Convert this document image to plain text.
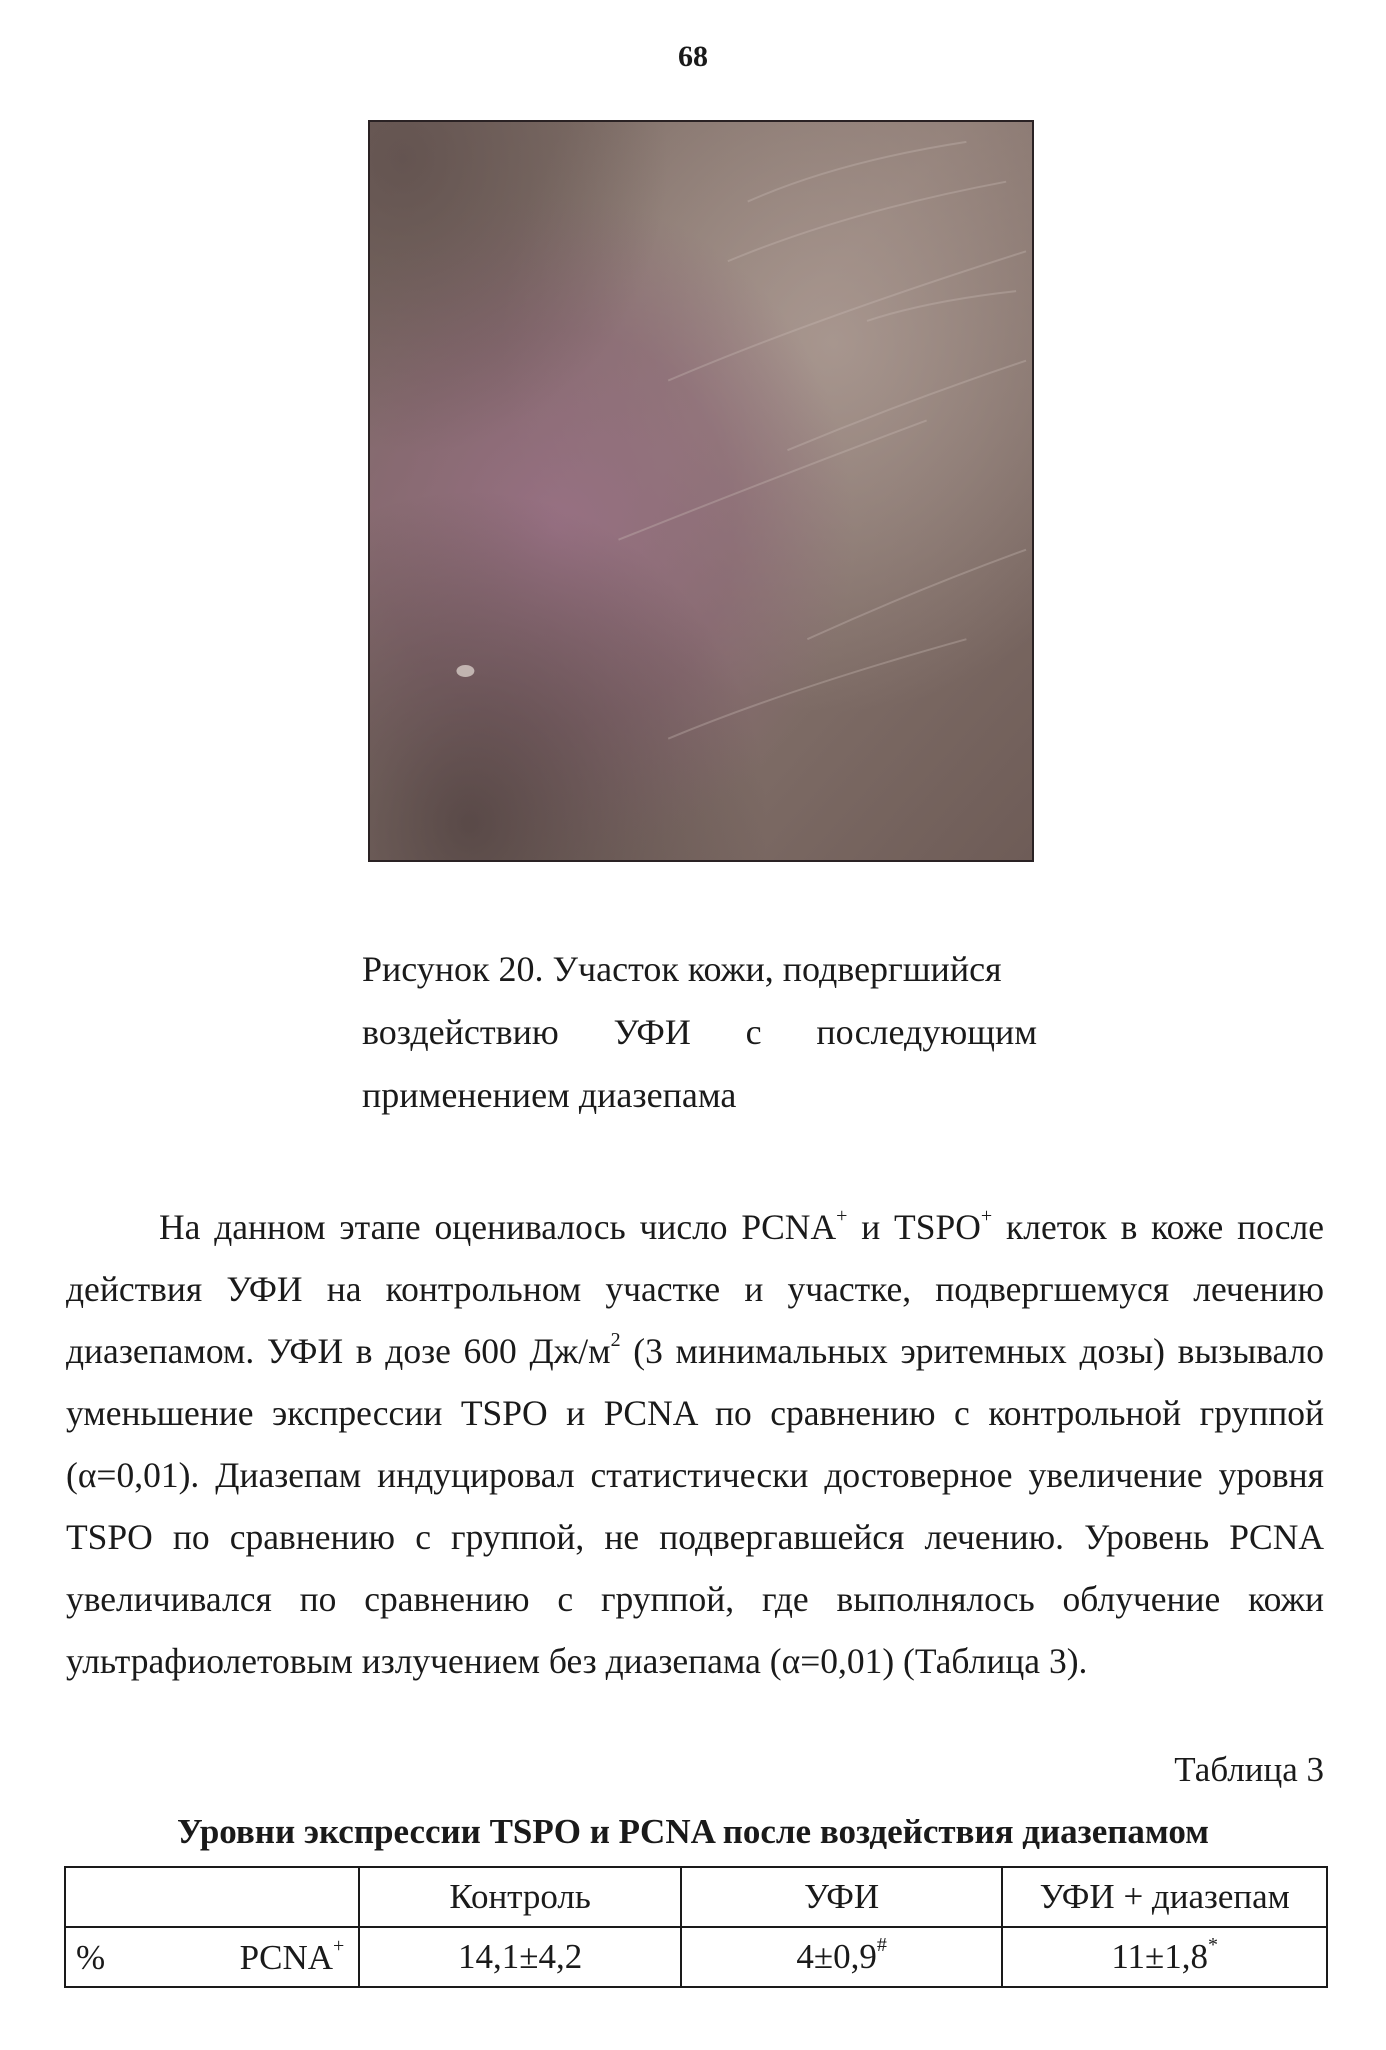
68
Рисунок 20. Участок кожи, подвергшийся
воздействию УФИ с последующим
применением диазепама
На данном этапе оценивалось число PCNA+ и TSPO+ клеток в коже после
действия УФИ на контрольном участке и участке, подвергшемуся лечению
диазепамом. УФИ в дозе 600 $Дж/м^2$ (3 минимальных эритемных дозы) вызывало
уменьшение экспрессии TSPO и PCNA по сравнению с контрольной группой
(α=0,01). Диазепам индуцировал статистически достоверное увеличение уровня
TSPO по сравнению с группой, не подвергавшейся лечению. Уровень PCNA
увеличивался по сравнению с группой, где выполнялось облучение кожи
ультрафиолетовым излучением без диазепама (α=0,01) (Таблица 3).
Таблица 3
Уровни экспрессии TSPO и PCNA после воздействия диазепамом
	Контроль	УФИ	УФИ + диазепам

% PCNA+	14,1±4,2	4±0,9#	11±1,8*
